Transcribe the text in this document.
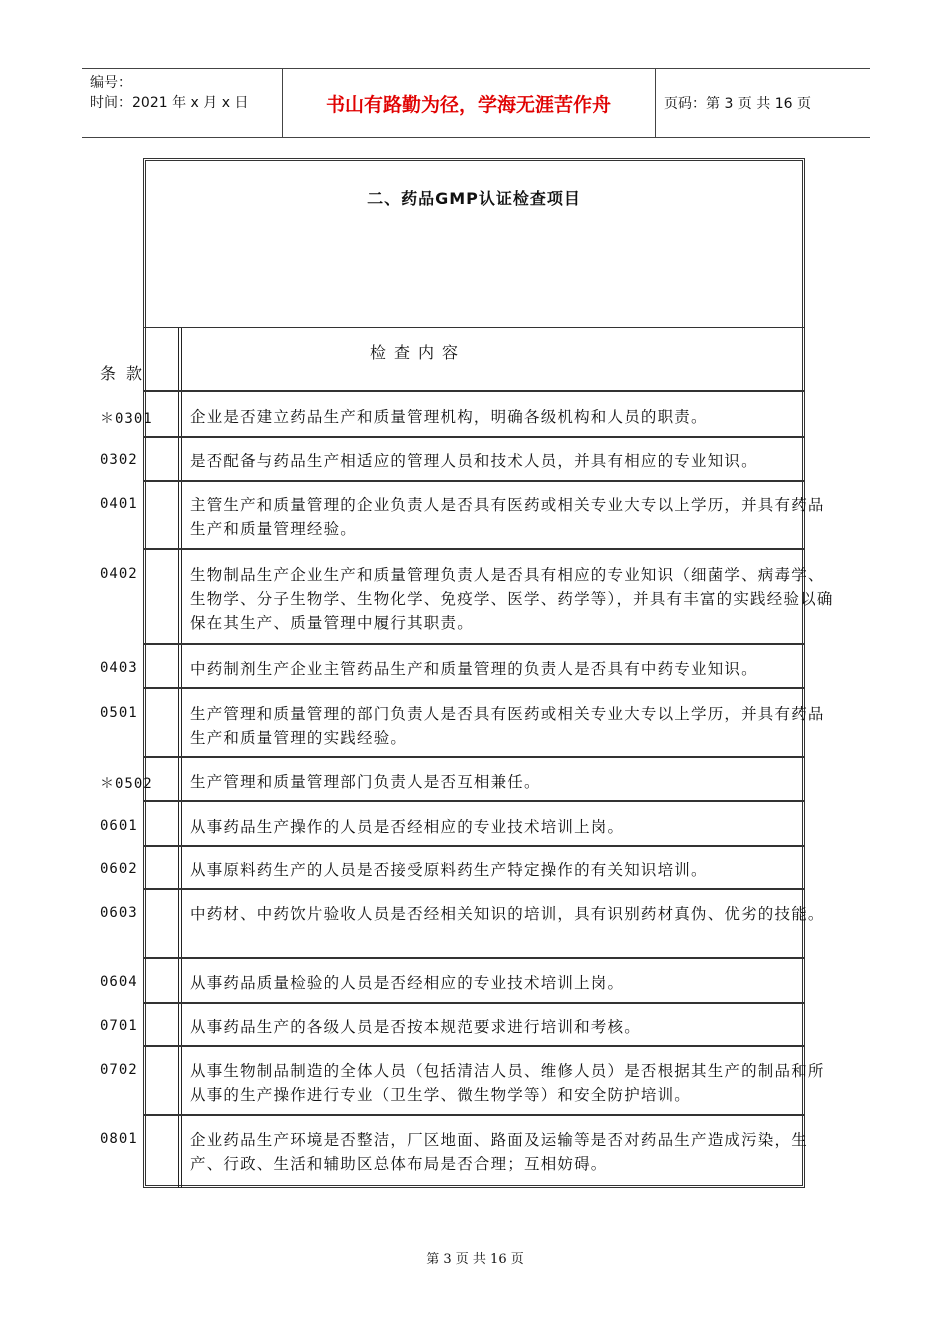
编号：
时间：2021 年 x 月 x 日	书山有路勤为径，学海无涯苦作舟	页码：第 3 页 共 16 页
二、药品GMP认证检查项目
检查内容
条款
＊0301 企业是否建立药品生产和质量管理机构，明确各级机构和人员的职责。
0302	是否配备与药品生产相适应的管理人员和技术人员，并具有相应的专业知识。
0401	主管生产和质量管理的企业负责人是否具有医药或相关专业大专以上学历，并具有药品生产和质量管理经验。
0402	生物制品生产企业生产和质量管理负责人是否具有相应的专业知识（细菌学、病毒学、生物学、分子生物学、生物化学、免疫学、医学、药学等），并具有丰富的实践经验以确保在其生产、质量管理中履行其职责。
0403	中药制剂生产企业主管药品生产和质量管理的负责人是否具有中药专业知识。
0501	生产管理和质量管理的部门负责人是否具有医药或相关专业大专以上学历，并具有药品生产和质量管理的实践经验。
＊0502 生产管理和质量管理部门负责人是否互相兼任。
0601	从事药品生产操作的人员是否经相应的专业技术培训上岗。
0602	从事原料药生产的人员是否接受原料药生产特定操作的有关知识培训。
0603	中药材、中药饮片验收人员是否经相关知识的培训，具有识别药材真伪、优劣的技能。
0604	从事药品质量检验的人员是否经相应的专业技术培训上岗。
0701	从事药品生产的各级人员是否按本规范要求进行培训和考核。
0702	从事生物制品制造的全体人员（包括清洁人员、维修人员）是否根据其生产的制品和所从事的生产操作进行专业（卫生学、微生物学等）和安全防护培训。
0801	企业药品生产环境是否整洁，厂区地面、路面及运输等是否对药品生产造成污染，生产、行政、生活和辅助区总体布局是否合理；互相妨碍。
第 3 页 共 16 页
